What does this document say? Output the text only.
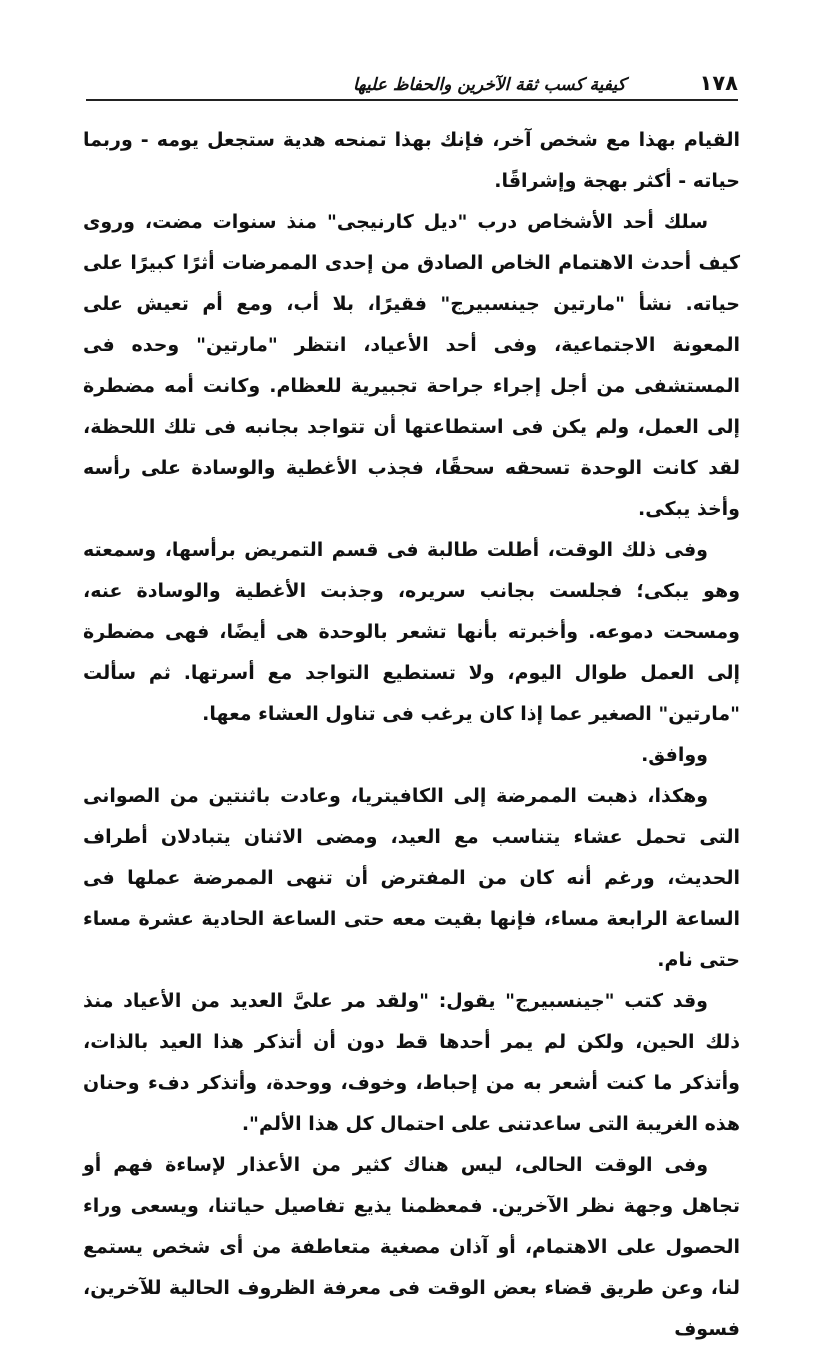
١٧٨
كيفية كسب ثقة الآخرين والحفاظ عليها

القيام بهذا مع شخص آخر، فإنك بهذا تمنحه هدية ستجعل يومه - وربما حياته - أكثر بهجة وإشراقًا.

سلك أحد الأشخاص درب "ديل كارنيجى" منذ سنوات مضت، وروى كيف أحدث الاهتمام الخاص الصادق من إحدى الممرضات أثرًا كبيرًا على حياته. نشأ "مارتين جينسبيرج" فقيرًا، بلا أب، ومع أم تعيش على المعونة الاجتماعية، وفى أحد الأعياد، انتظر "مارتين" وحده فى المستشفى من أجل إجراء جراحة تجبيرية للعظام. وكانت أمه مضطرة إلى العمل، ولم يكن فى استطاعتها أن تتواجد بجانبه فى تلك اللحظة، لقد كانت الوحدة تسحقه سحقًا، فجذب الأغطية والوسادة على رأسه وأخذ يبكى.

وفى ذلك الوقت، أطلت طالبة فى قسم التمريض برأسها، وسمعته وهو يبكى؛ فجلست بجانب سريره، وجذبت الأغطية والوسادة عنه، ومسحت دموعه. وأخبرته بأنها تشعر بالوحدة هى أيضًا، فهى مضطرة إلى العمل طوال اليوم، ولا تستطيع التواجد مع أسرتها. ثم سألت "مارتين" الصغير عما إذا كان يرغب فى تناول العشاء معها.

ووافق.

وهكذا، ذهبت الممرضة إلى الكافيتريا، وعادت باثنتين من الصوانى التى تحمل عشاء يتناسب مع العيد، ومضى الاثنان يتبادلان أطراف الحديث، ورغم أنه كان من المفترض أن تنهى الممرضة عملها فى الساعة الرابعة مساء، فإنها بقيت معه حتى الساعة الحادية عشرة مساء حتى نام.

وقد كتب "جينسبيرج" يقول: "ولقد مر علىَّ العديد من الأعياد منذ ذلك الحين، ولكن لم يمر أحدها قط دون أن أتذكر هذا العيد بالذات، وأتذكر ما كنت أشعر به من إحباط، وخوف، ووحدة، وأتذكر دفء وحنان هذه الغريبة التى ساعدتنى على احتمال كل هذا الألم".

وفى الوقت الحالى، ليس هناك كثير من الأعذار لإساءة فهم أو تجاهل وجهة نظر الآخرين. فمعظمنا يذيع تفاصيل حياتنا، ويسعى وراء الحصول على الاهتمام، أو آذان مصغية متعاطفة من أى شخص يستمع لنا، وعن طريق قضاء بعض الوقت فى معرفة الظروف الحالية للآخرين، فسوف
